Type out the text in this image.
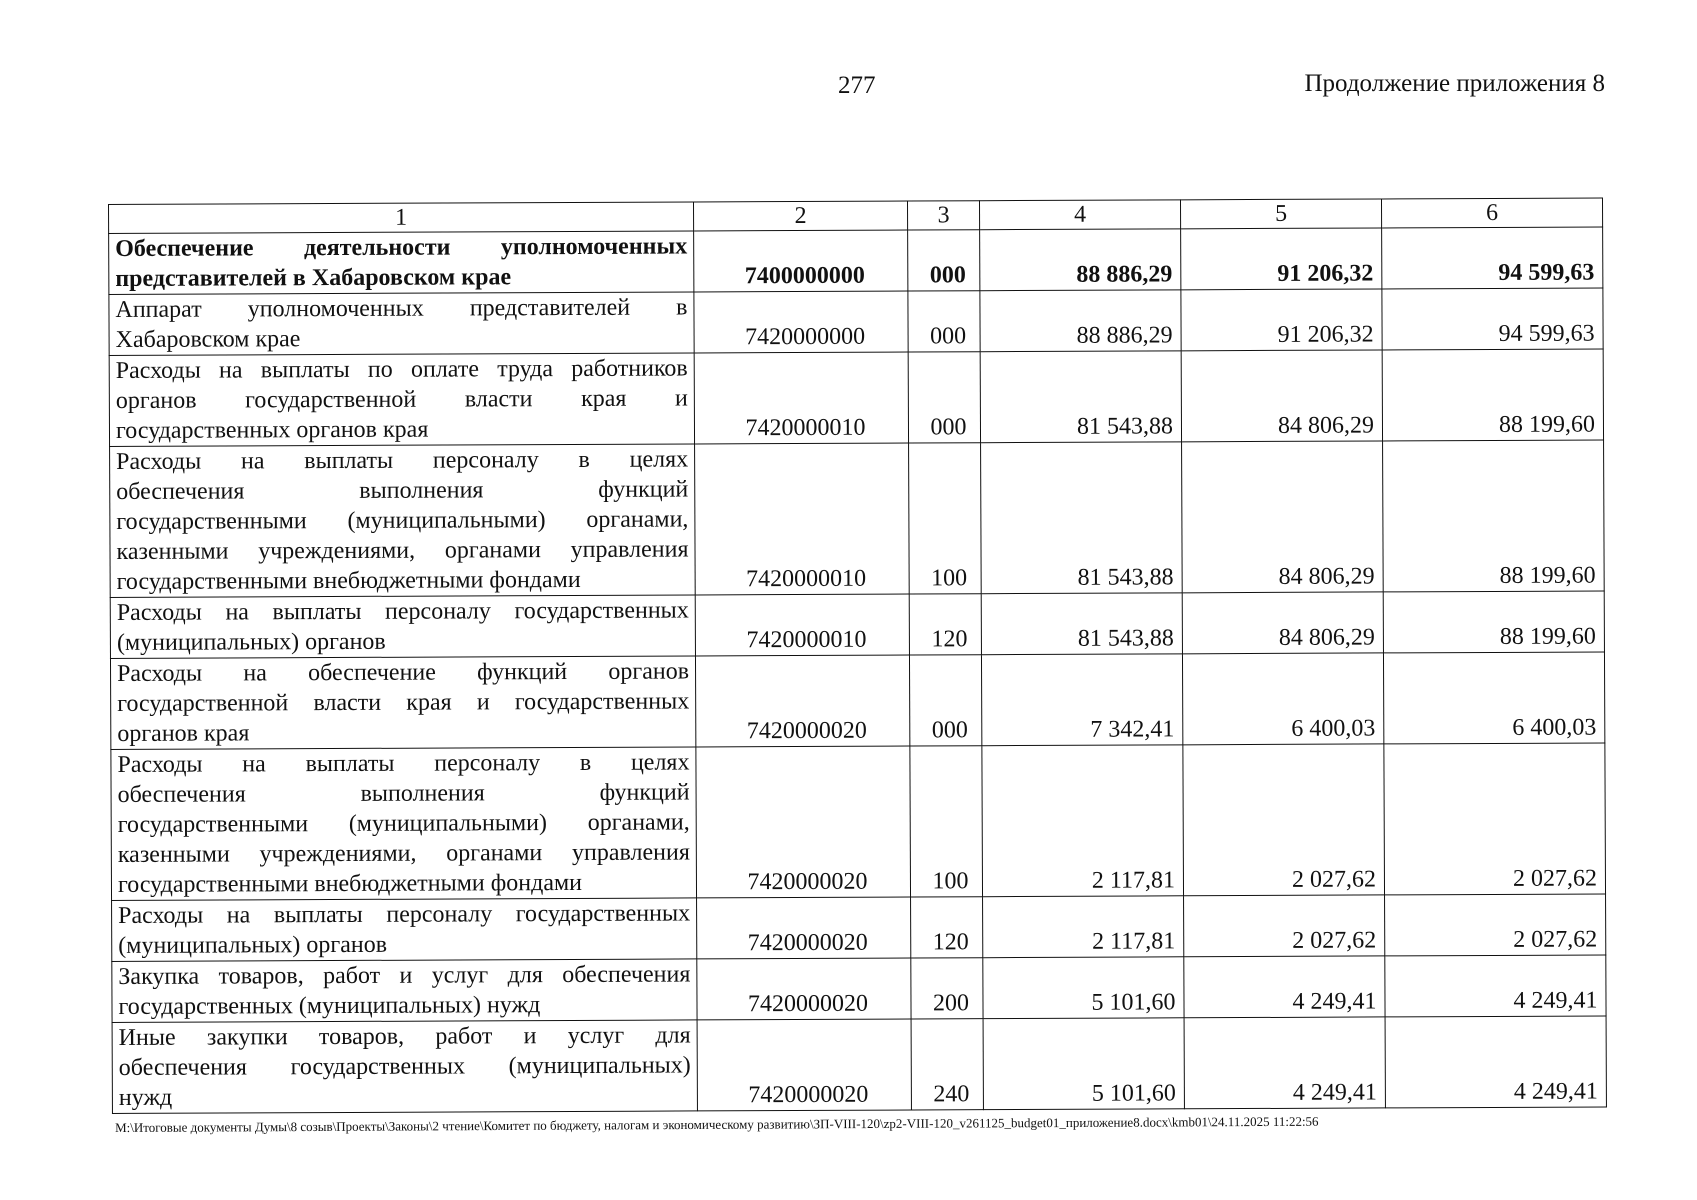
277	Продолжение приложения 8
1	2	3	4	5	6

Обеспечение деятельности уполномоченных
представителей в Хабаровском крае	7400000000	000	88 886,29	91 206,32	94 599,63

Аппарат уполномоченных представителей в
Хабаровском крае	7420000000	000	88 886,29	91 206,32	94 599,63

Расходы на выплаты по оплате труда работников
органов государственной власти края и
государственных органов края	7420000010	000	81 543,88	84 806,29	88 199,60

Расходы на выплаты персоналу в целях
обеспечения выполнения функций
государственными (муниципальными) органами,
казенными учреждениями, органами управления
государственными внебюджетными фондами	7420000010	100	81 543,88	84 806,29	88 199,60

Расходы на выплаты персоналу государственных
(муниципальных) органов	7420000010	120	81 543,88	84 806,29	88 199,60

Расходы на обеспечение функций органов
государственной власти края и государственных
органов края	7420000020	000	7 342,41	6 400,03	6 400,03

Расходы на выплаты персоналу в целях
обеспечения выполнения функций
государственными (муниципальными) органами,
казенными учреждениями, органами управления
государственными внебюджетными фондами	7420000020	100	2 117,81	2 027,62	2 027,62

Расходы на выплаты персоналу государственных
(муниципальных) органов	7420000020	120	2 117,81	2 027,62	2 027,62

Закупка товаров, работ и услуг для обеспечения
государственных (муниципальных) нужд	7420000020	200	5 101,60	4 249,41	4 249,41

Иные закупки товаров, работ и услуг для
обеспечения государственных (муниципальных)
нужд	7420000020	240	5 101,60	4 249,41	4 249,41
M:\Итоговые документы Думы\8 созыв\Проекты\Законы\2 чтение\Комитет по бюджету, налогам и экономическому развитию\ЗП-VIII-120\zp2-VIII-120_v261125_budget01_приложение8.docx\kmb01\24.11.2025 11:22:56
